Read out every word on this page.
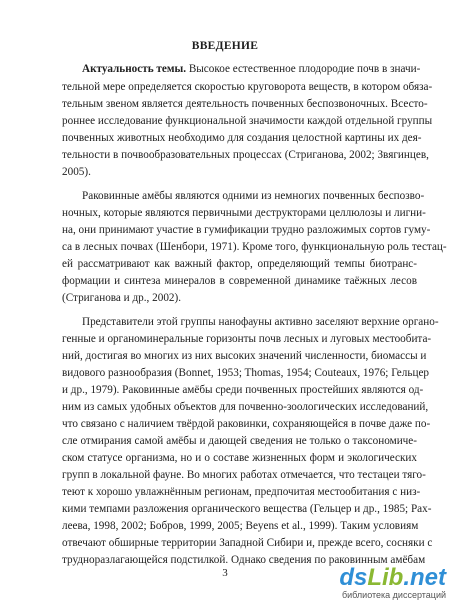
ВВЕДЕНИЕ
Актуальность темы. Высокое естественное плодородие почв в значи-
тельной мере определяется скоростью круговорота веществ, в котором обяза-
тельным звеном является деятельность почвенных беспозвоночных. Всесто-
роннее исследование функциональной значимости каждой отдельной группы
почвенных животных необходимо для создания целостной картины их дея-
тельности в почвообразовательных процессах (Стриганова, 2002; Звягинцев,
2005).
Раковинные амёбы являются одними из немногих почвенных беспозво-
ночных, которые являются первичными деструкторами целлюлозы и лигни-
на, они принимают участие в гумификации трудно разложимых сортов гуму-
са в лесных почвах (Шенбори, 1971). Кроме того, функциональную роль тестац-
ей рассматривают как важный фактор, определяющий темпы биотранс-
формации и синтеза минералов в современной динамике таёжных лесов
(Стриганова и др., 2002).
Представители этой группы нанофауны активно заселяют верхние органо-
генные и органоминеральные горизонты почв лесных и луговых местообита-
ний, достигая во многих из них высоких значений численности, биомассы и
видового разнообразия (Bonnet, 1953; Thomas, 1954; Couteaux, 1976; Гельцер
и др., 1979). Раковинные амёбы среди почвенных простейших являются од-
ним из самых удобных объектов для почвенно-зоологических исследований,
что связано с наличием твёрдой раковинки, сохраняющейся в почве даже по-
сле отмирания самой амёбы и дающей сведения не только о таксономиче-
ском статусе организма, но и о составе жизненных форм и экологических
групп в локальной фауне. Во многих работах отмечается, что тестацеи тяго-
теют к хорошо увлажнённым регионам, предпочитая местообитания с низ-
кими темпами разложения органического вещества (Гельцер и др., 1985; Рах-
леева, 1998, 2002; Бобров, 1999, 2005; Beyens et al., 1999). Таким условиям
отвечают обширные территории Западной Сибири и, прежде всего, сосняки с
труднoразлагающейся подстилкой. Однако сведения по раковинным амёбам
3	ds Lib .net
библиотека диссертаций
